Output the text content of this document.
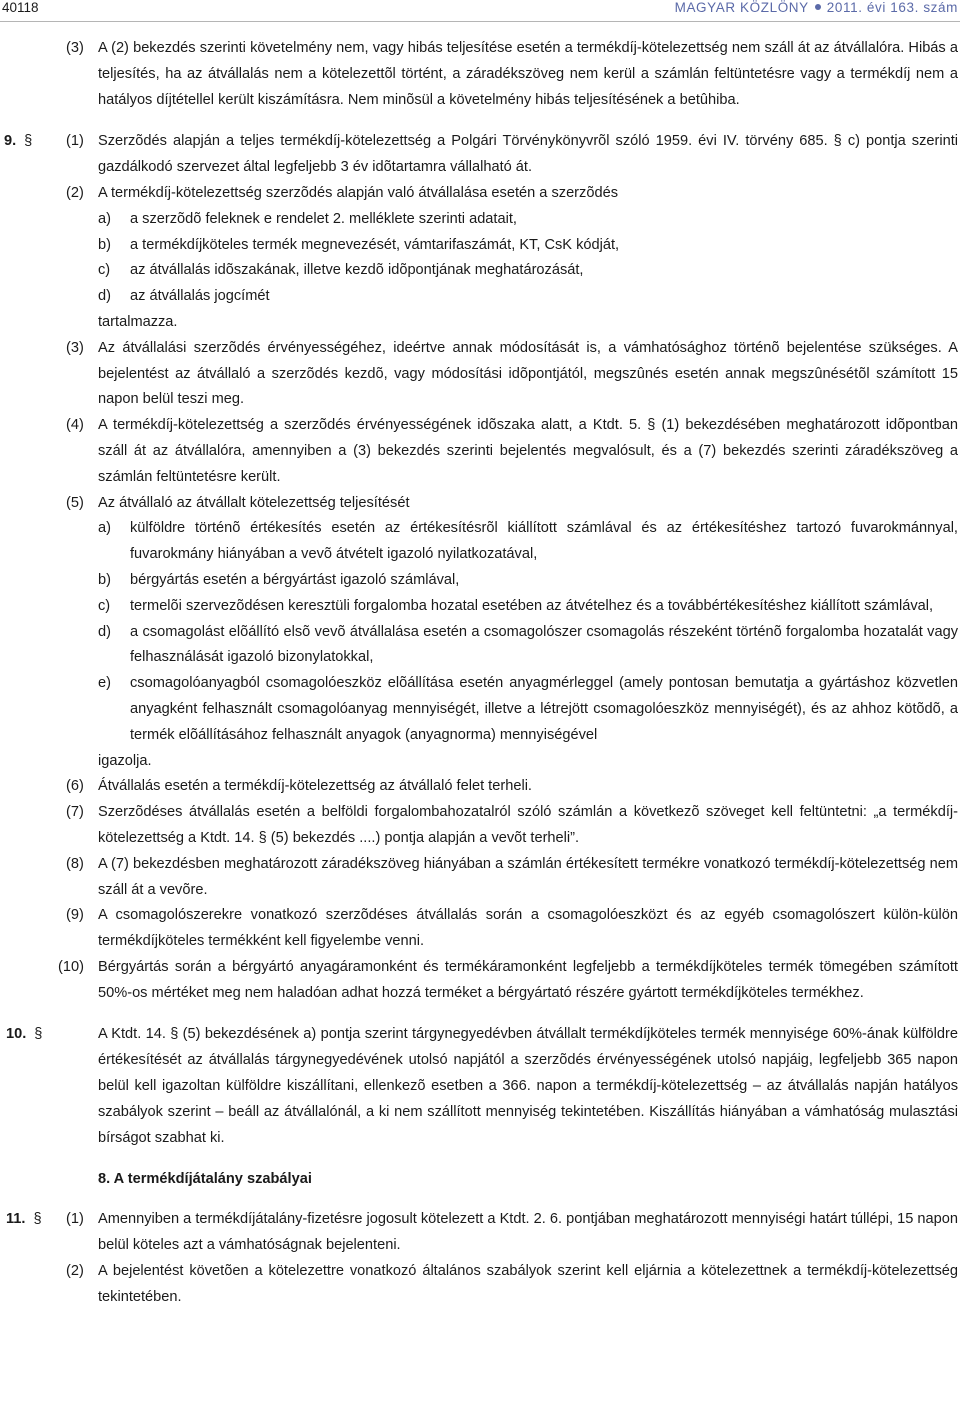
40118	MAGYAR KÖZLÖNY 2011. évi 163. szám

(3) A (2) bekezdés szerinti követelmény nem, vagy hibás teljesítése esetén a termékdíj-kötelezettség nem száll át az átvállalóra. Hibás a teljesítés, ha az átvállalás nem a kötelezettõl történt, a záradékszöveg nem kerül a számlán feltüntetésre vagy a termékdíj nem a hatályos díjtétellel került kiszámításra. Nem minõsül a követelmény hibás teljesítésének a betûhiba.

9. § (1) Szerzõdés alapján a teljes termékdíj-kötelezettség a Polgári Törvénykönyvrõl szóló 1959. évi IV. törvény 685. § c) pontja szerinti gazdálkodó szervezet által legfeljebb 3 év idõtartamra vállalható át.

(2) A termékdíj-kötelezettség szerzõdés alapján való átvállalása esetén a szerzõdés

a) a szerzõdõ feleknek e rendelet 2. melléklete szerinti adatait,

b) a termékdíjköteles termék megnevezését, vámtarifaszámát, KT, CsK kódját,

c) az átvállalás idõszakának, illetve kezdõ idõpontjának meghatározását,

d) az átvállalás jogcímét

tartalmazza.

(3) Az átvállalási szerzõdés érvényességéhez, ideértve annak módosítását is, a vámhatósághoz történõ bejelentése szükséges. A bejelentést az átvállaló a szerzõdés kezdõ, vagy módosítási idõpontjától, megszûnés esetén annak megszûnésétõl számított 15 napon belül teszi meg.

(4) A termékdíj-kötelezettség a szerzõdés érvényességének idõszaka alatt, a Ktdt. 5. § (1) bekezdésében meghatározott idõpontban száll át az átvállalóra, amennyiben a (3) bekezdés szerinti bejelentés megvalósult, és a (7) bekezdés szerinti záradékszöveg a számlán feltüntetésre került.

(5) Az átvállaló az átvállalt kötelezettség teljesítését

a) külföldre történõ értékesítés esetén az értékesítésrõl kiállított számlával és az értékesítéshez tartozó fuvarokmánnyal, fuvarokmány hiányában a vevõ átvételt igazoló nyilatkozatával,

b) bérgyártás esetén a bérgyártást igazoló számlával,

c) termelõi szervezõdésen keresztüli forgalomba hozatal esetében az átvételhez és a továbbértékesítéshez kiállított számlával,

d) a csomagolást elõállító elsõ vevõ átvállalása esetén a csomagolószer csomagolás részeként történõ forgalomba hozatalát vagy felhasználását igazoló bizonylatokkal,

e) csomagolóanyagból csomagolóeszköz elõállítása esetén anyagmérleggel (amely pontosan bemutatja a gyártáshoz közvetlen anyagként felhasznált csomagolóanyag mennyiségét, illetve a létrejött csomagolóeszköz mennyiségét), és az ahhoz kötõdõ, a termék elõállításához felhasznált anyagok (anyagnorma) mennyiségével

igazolja.

(6) Átvállalás esetén a termékdíj-kötelezettség az átvállaló felet terheli.

(7) Szerzõdéses átvállalás esetén a belföldi forgalombahozatalról szóló számlán a következõ szöveget kell feltüntetni: „a termékdíj-kötelezettség a Ktdt. 14. § (5) bekezdés ....) pontja alapján a vevõt terheli”.

(8) A (7) bekezdésben meghatározott záradékszöveg hiányában a számlán értékesített termékre vonatkozó termékdíj-kötelezettség nem száll át a vevõre.

(9) A csomagolószerekre vonatkozó szerzõdéses átvállalás során a csomagolóeszközt és az egyéb csomagolószert külön-külön termékdíjköteles termékként kell figyelembe venni.

(10) Bérgyártás során a bérgyártó anyagáramonként és termékáramonként legfeljebb a termékdíjköteles termék tömegében számított 50%-os mértéket meg nem haladóan adhat hozzá terméket a bérgyártató részére gyártott termékdíjköteles termékhez.

10. §	A Ktdt. 14. § (5) bekezdésének a) pontja szerint tárgynegyedévben átvállalt termékdíjköteles termék mennyisége 60%-ának külföldre értékesítését az átvállalás tárgynegyedévének utolsó napjától a szerzõdés érvényességének utolsó napjáig, legfeljebb 365 napon belül kell igazoltan külföldre kiszállítani, ellenkezõ esetben a 366. napon a termékdíj-kötelezettség – az átvállalás napján hatályos szabályok szerint – beáll az átvállalónál, a ki nem szállított mennyiség tekintetében. Kiszállítás hiányában a vámhatóság mulasztási bírságot szabhat ki.

8. A termékdíjátalány szabályai

11. § (1) Amennyiben a termékdíjátalány-fizetésre jogosult kötelezett a Ktdt. 2. 6. pontjában meghatározott mennyiségi határt túllépi, 15 napon belül köteles azt a vámhatóságnak bejelenteni.

(2) A bejelentést követõen a kötelezettre vonatkozó általános szabályok szerint kell eljárnia a kötelezettnek a termékdíj-kötelezettség tekintetében.
